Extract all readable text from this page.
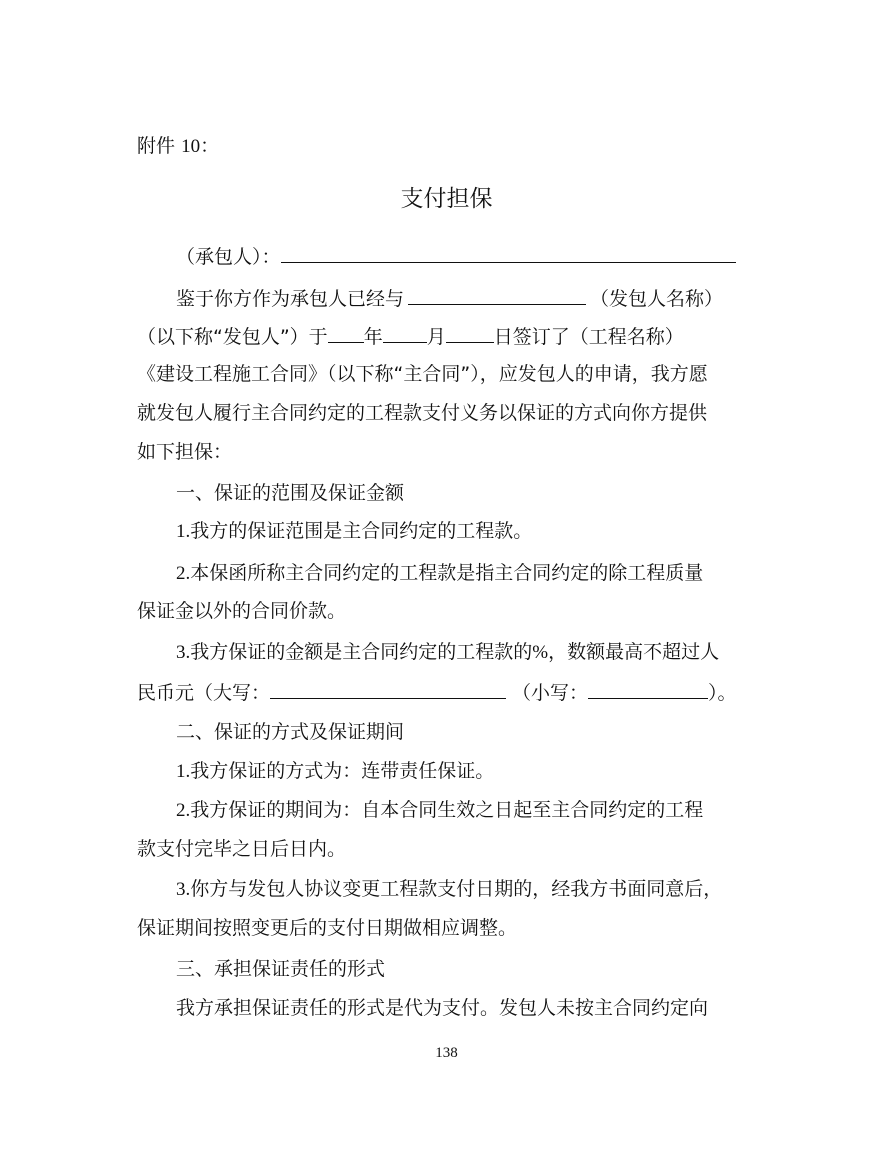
附件 10：
支付担保
（承包人）：
鉴于你方作为承包人已经与	（发包人名称）
（以下称“发包人”）于 年 月	日签订了（工程名称）
《建设工程施工合同》（以下称“主合同”），应发包人的申请，我方愿
就发包人履行主合同约定的工程款支付义务以保证的方式向你方提供
如下担保：
一、保证的范围及保证金额
1.我方的保证范围是主合同约定的工程款。
2.本保函所称主合同约定的工程款是指主合同约定的除工程质量
保证金以外的合同价款。
3.我方保证的金额是主合同约定的工程款的%，数额最高不超过人
民币元（大写：	（小写：	）。
二、保证的方式及保证期间
1.我方保证的方式为：连带责任保证。
2.我方保证的期间为：自本合同生效之日起至主合同约定的工程
款支付完毕之日后日内。
3.你方与发包人协议变更工程款支付日期的，经我方书面同意后，
保证期间按照变更后的支付日期做相应调整。
三、承担保证责任的形式
我方承担保证责任的形式是代为支付。发包人未按主合同约定向
138
